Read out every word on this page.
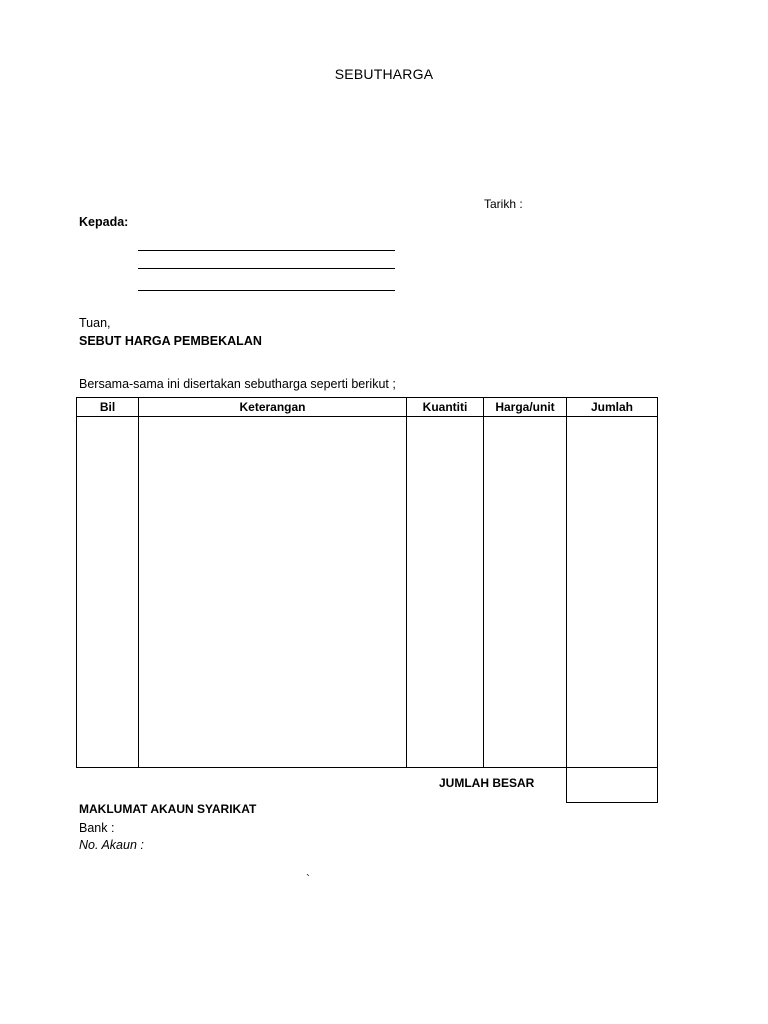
SEBUTHARGA
Tarikh :
Kepada:
Tuan,
SEBUT HARGA PEMBEKALAN
Bersama-sama ini disertakan sebutharga seperti berikut ;
Bil	Keterangan	Kuantiti	Harga/unit	Jumlah

JUMLAH BESAR
MAKLUMAT AKAUN SYARIKAT
Bank :
No. Akaun :
`
